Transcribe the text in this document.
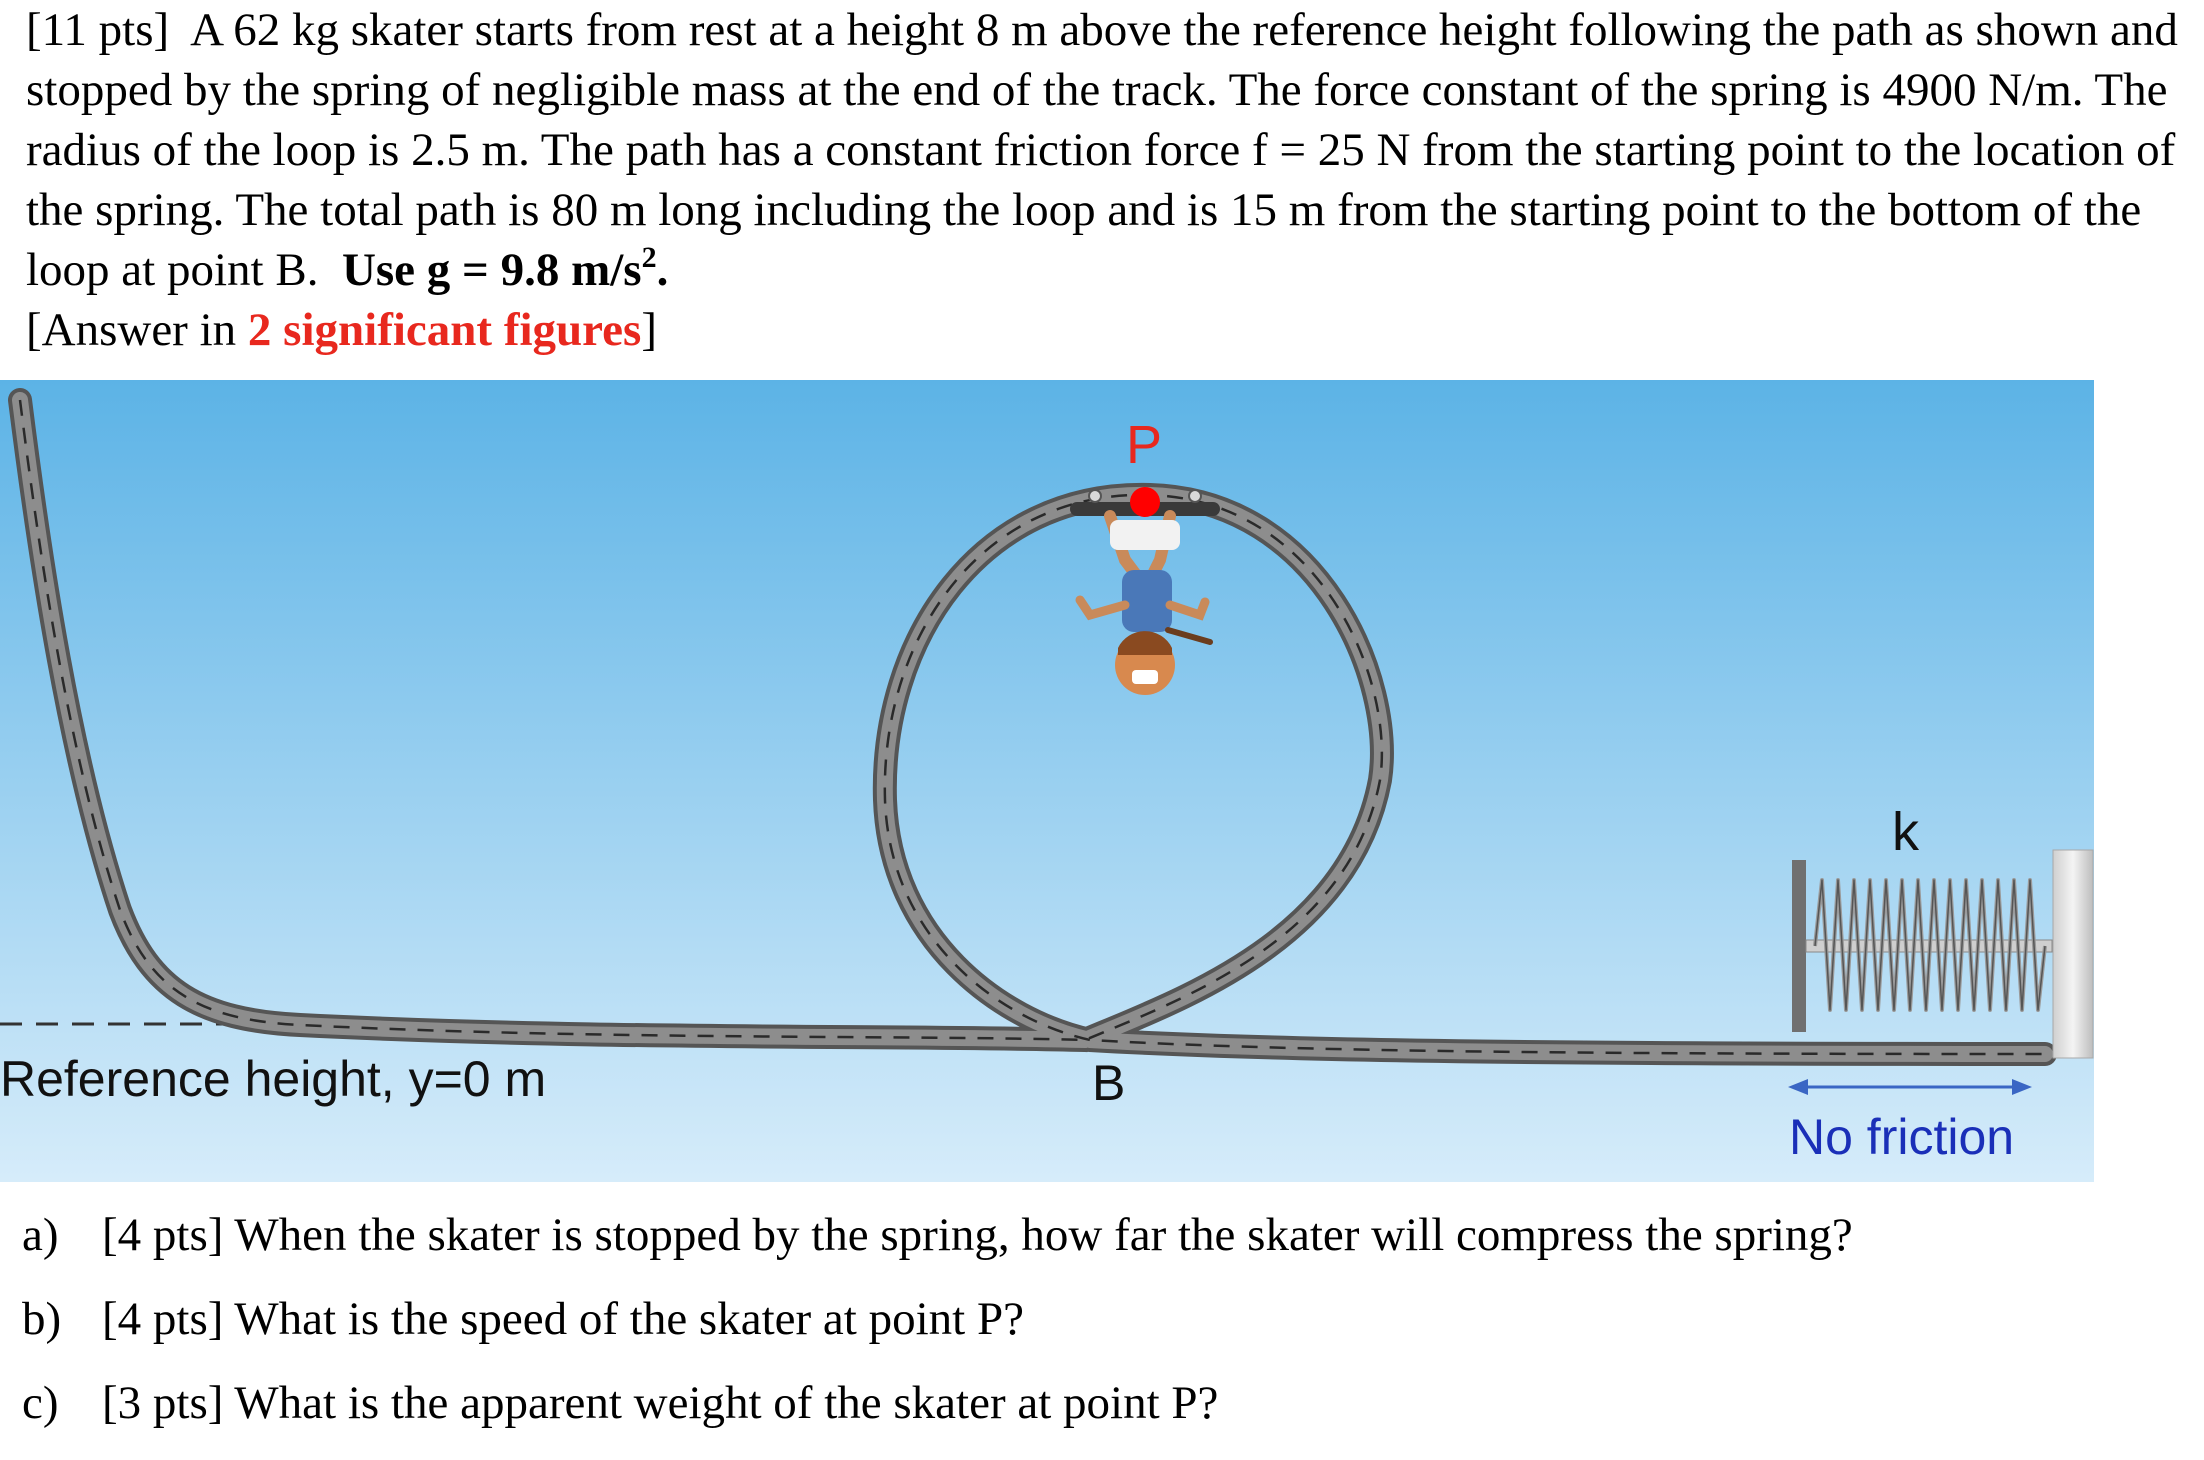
[11 pts] A 62 kg skater starts from rest at a height 8 m above the reference height following the path as shown and stopped by the spring of negligible mass at the end of the track. The force constant of the spring is 4900 N/m. The radius of the loop is 2.5 m. The path has a constant friction force f = 25 N from the starting point to the location of the spring. The total path is 80 m long including the loop and is 15 m from the starting point to the bottom of the loop at point B. Use g = 9.8 $m/s^2$.
[Answer in 2 significant figures]

P
k
Reference height, y=0 m	B
No friction
a) [4 pts] When the skater is stopped by the spring, how far the skater will compress the spring?
b) [4 pts] What is the speed of the skater at point P?
c) [3 pts] What is the apparent weight of the skater at point P?
